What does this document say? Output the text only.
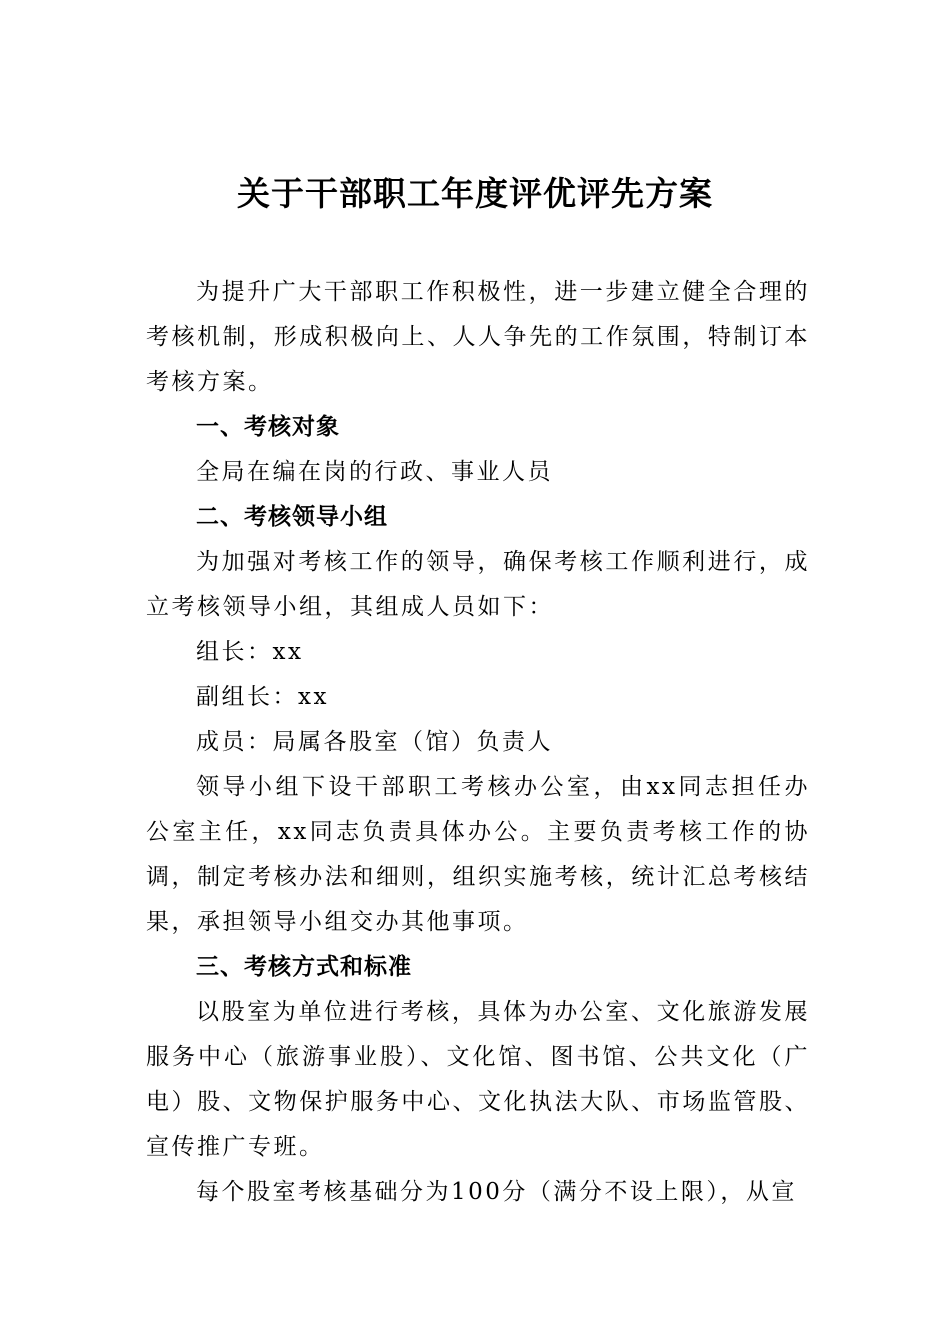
关于干部职工年度评优评先方案

为提升广大干部职工作积极性，进一步建立健全合理的考核机制，形成积极向上、人人争先的工作氛围，特制订本考核方案。

一、考核对象

全局在编在岗的行政、事业人员

二、考核领导小组

为加强对考核工作的领导，确保考核工作顺利进行，成立考核领导小组，其组成人员如下：

组长：xx

副组长：xx

成员：局属各股室（馆）负责人

领导小组下设干部职工考核办公室，由xx同志担任办公室主任，xx同志负责具体办公。主要负责考核工作的协调，制定考核办法和细则，组织实施考核，统计汇总考核结果，承担领导小组交办其他事项。

三、考核方式和标准

以股室为单位进行考核，具体为办公室、文化旅游发展服务中心（旅游事业股）、文化馆、图书馆、公共文化（广电）股、文物保护服务中心、文化执法大队、市场监管股、宣传推广专班。

每个股室考核基础分为100分（满分不设上限），从宣
